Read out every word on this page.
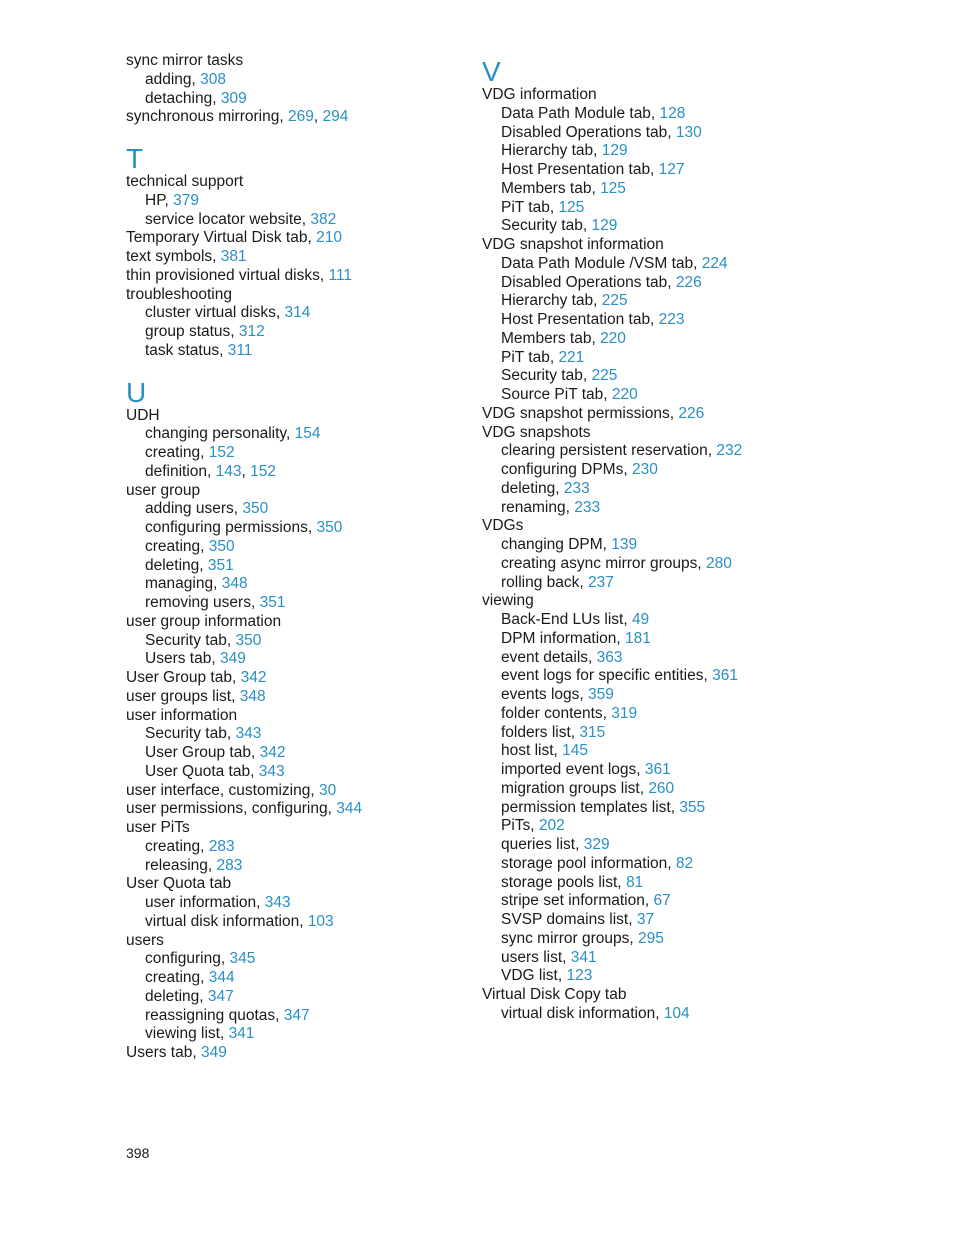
sync mirror tasks
adding, 308
detaching, 309
synchronous mirroring, 269, 294
T
technical support
HP, 379
service locator website, 382
Temporary Virtual Disk tab, 210
text symbols, 381
thin provisioned virtual disks, 111
troubleshooting
cluster virtual disks, 314
group status, 312
task status, 311
U
UDH
changing personality, 154
creating, 152
definition, 143, 152
user group
adding users, 350
configuring permissions, 350
creating, 350
deleting, 351
managing, 348
removing users, 351
user group information
Security tab, 350
Users tab, 349
User Group tab, 342
user groups list, 348
user information
Security tab, 343
User Group tab, 342
User Quota tab, 343
user interface, customizing, 30
user permissions, configuring, 344
user PiTs
creating, 283
releasing, 283
User Quota tab
user information, 343
virtual disk information, 103
users
configuring, 345
creating, 344
deleting, 347
reassigning quotas, 347
viewing list, 341
Users tab, 349
V
VDG information
Data Path Module tab, 128
Disabled Operations tab, 130
Hierarchy tab, 129
Host Presentation tab, 127
Members tab, 125
PiT tab, 125
Security tab, 129
VDG snapshot information
Data Path Module /VSM tab, 224
Disabled Operations tab, 226
Hierarchy tab, 225
Host Presentation tab, 223
Members tab, 220
PiT tab, 221
Security tab, 225
Source PiT tab, 220
VDG snapshot permissions, 226
VDG snapshots
clearing persistent reservation, 232
configuring DPMs, 230
deleting, 233
renaming, 233
VDGs
changing DPM, 139
creating async mirror groups, 280
rolling back, 237
viewing
Back-End LUs list, 49
DPM information, 181
event details, 363
event logs for specific entities, 361
events logs, 359
folder contents, 319
folders list, 315
host list, 145
imported event logs, 361
migration groups list, 260
permission templates list, 355
PiTs, 202
queries list, 329
storage pool information, 82
storage pools list, 81
stripe set information, 67
SVSP domains list, 37
sync mirror groups, 295
users list, 341
VDG list, 123
Virtual Disk Copy tab
virtual disk information, 104
398
